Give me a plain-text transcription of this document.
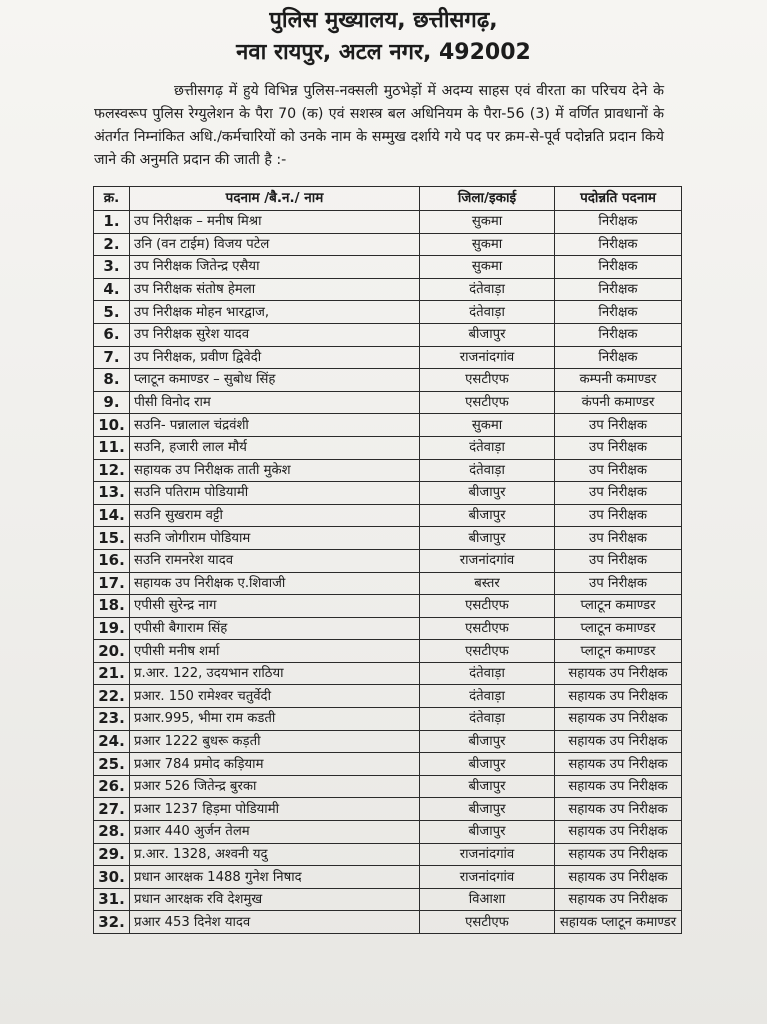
पुलिस मुख्यालय, छत्तीसगढ़,
नवा रायपुर, अटल नगर, 492002
छत्तीसगढ़ में हुये विभिन्न पुलिस-नक्सली मुठभेड़ों में अदम्य साहस एवं वीरता का परिचय देने के फलस्वरूप पुलिस रेग्युलेशन के पैरा 70 (क) एवं सशस्त्र बल अधिनियम के पैरा-56 (3) में वर्णित प्रावधानों के अंतर्गत निम्नांकित अधि./कर्मचारियों को उनके नाम के सम्मुख दर्शाये गये पद पर क्रम-से-पूर्व पदोन्नति प्रदान किये जाने की अनुमति प्रदान की जाती है :-
क्र.	पदनाम /बै.न./ नाम	जिला/इकाई	पदोन्नति पदनाम
1.	उप निरीक्षक – मनीष मिश्रा	सुकमा	निरीक्षक
2.	उनि (वन टाईम) विजय पटेल	सुकमा	निरीक्षक
3.	उप निरीक्षक जितेन्द्र एसैया	सुकमा	निरीक्षक
4.	उप निरीक्षक संतोष हेमला	दंतेवाड़ा	निरीक्षक
5.	उप निरीक्षक मोहन भारद्वाज,	दंतेवाड़ा	निरीक्षक
6.	उप निरीक्षक सुरेश यादव	बीजापुर	निरीक्षक
7.	उप निरीक्षक, प्रवीण द्विवेदी	राजनांदगांव	निरीक्षक
8.	प्लाटून कमाण्डर – सुबोध सिंह	एसटीएफ	कम्पनी कमाण्डर
9.	पीसी विनोद राम	एसटीएफ	कंपनी कमाण्डर
10.	सउनि- पन्नालाल चंद्रवंशी	सुकमा	उप निरीक्षक
11.	सउनि, हजारी लाल मौर्य	दंतेवाड़ा	उप निरीक्षक
12.	सहायक उप निरीक्षक ताती मुकेश	दंतेवाड़ा	उप निरीक्षक
13.	सउनि पतिराम पोडियामी	बीजापुर	उप निरीक्षक
14.	सउनि सुखराम वट्टी	बीजापुर	उप निरीक्षक
15.	सउनि जोगीराम पोडियाम	बीजापुर	उप निरीक्षक
16.	सउनि रामनरेश यादव	राजनांदगांव	उप निरीक्षक
17.	सहायक उप निरीक्षक ए.शिवाजी	बस्तर	उप निरीक्षक
18.	एपीसी सुरेन्द्र नाग	एसटीएफ	प्लाटून कमाण्डर
19.	एपीसी बैगाराम सिंह	एसटीएफ	प्लाटून कमाण्डर
20.	एपीसी मनीष शर्मा	एसटीएफ	प्लाटून कमाण्डर
21.	प्र.आर. 122, उदयभान राठिया	दंतेवाड़ा	सहायक उप निरीक्षक
22.	प्रआर. 150 रामेश्वर चतुर्वेदी	दंतेवाड़ा	सहायक उप निरीक्षक
23.	प्रआर.995, भीमा राम कडती	दंतेवाड़ा	सहायक उप निरीक्षक
24.	प्रआर 1222 बुधरू कड़ती	बीजापुर	सहायक उप निरीक्षक
25.	प्रआर 784 प्रमोद कड़ियाम	बीजापुर	सहायक उप निरीक्षक
26.	प्रआर 526 जितेन्द्र बुरका	बीजापुर	सहायक उप निरीक्षक
27.	प्रआर 1237 हिड़मा पोडियामी	बीजापुर	सहायक उप निरीक्षक
28.	प्रआर 440 अुर्जन तेलम	बीजापुर	सहायक उप निरीक्षक
29.	प्र.आर. 1328, अश्वनी यदु	राजनांदगांव	सहायक उप निरीक्षक
30.	प्रधान आरक्षक 1488 गुनेश निषाद	राजनांदगांव	सहायक उप निरीक्षक
31.	प्रधान आरक्षक रवि देशमुख	विआशा	सहायक उप निरीक्षक
32.	प्रआर 453 दिनेश यादव	एसटीएफ	सहायक प्लाटून कमाण्डर
